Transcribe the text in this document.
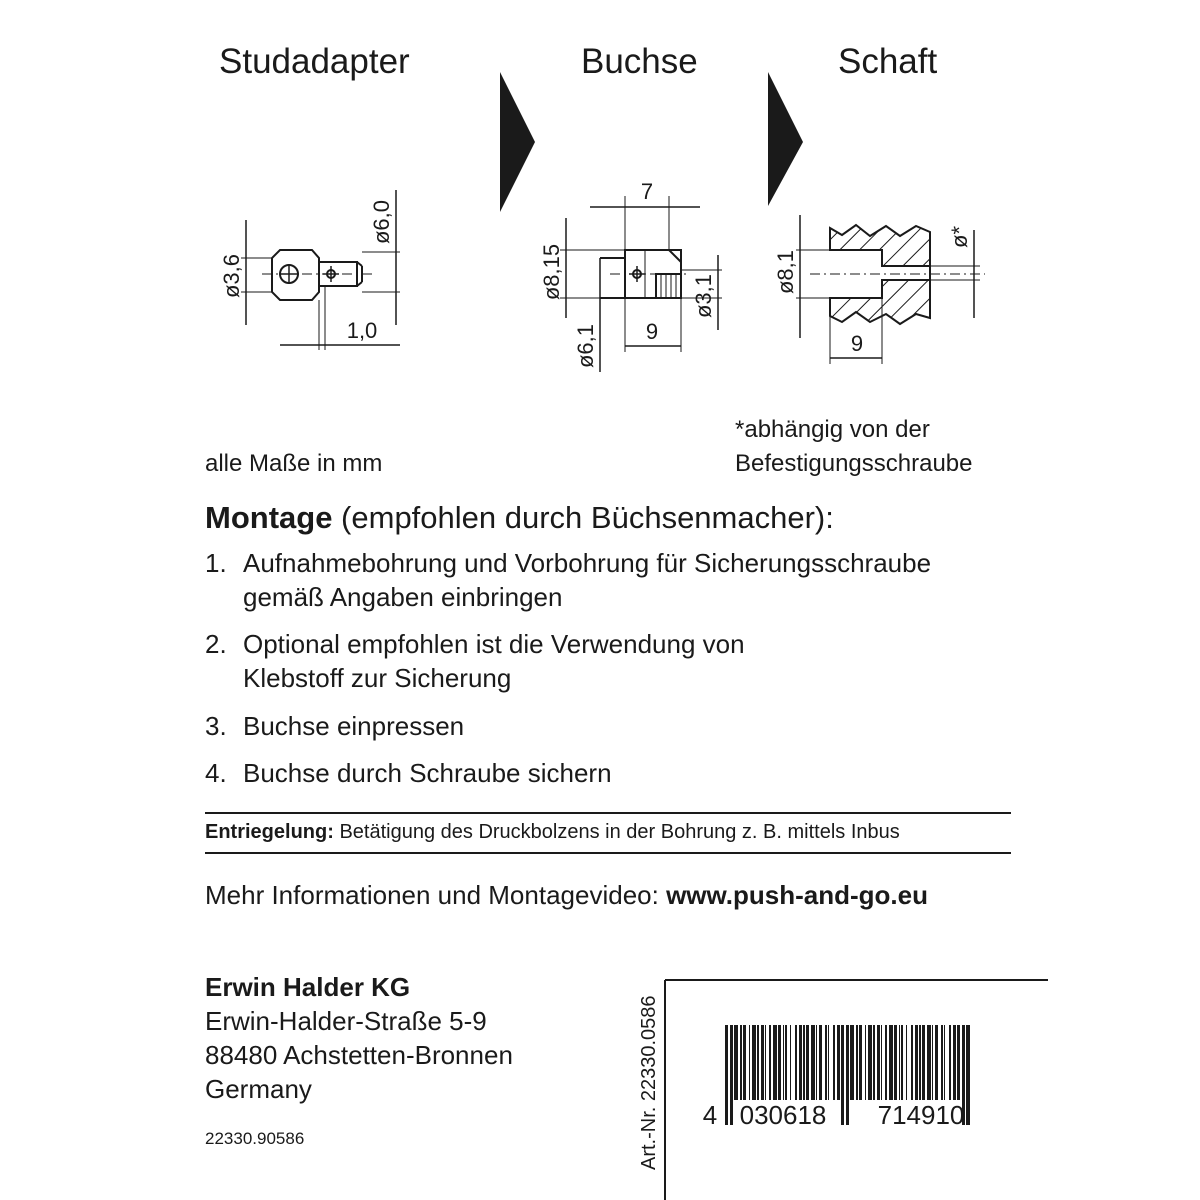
Studadapter	Buchse	Schaft
ø3,6
ø6,0
1,0
7
ø8,15	ø3,1
9
ø6,1
ø8,1
ø*
9
4 030618 714910
Art.-Nr. 22330.0586
alle Maße in mm
*abhängig von der
Befestigungsschraube
Montage (empfohlen durch Büchsenmacher):
1. Aufnahmebohrung und Vorbohrung für Sicherungsschraube
gemäß Angaben einbringen
2. Optional empfohlen ist die Verwendung von
Klebstoff zur Sicherung
3. Buchse einpressen
4. Buchse durch Schraube sichern
Entriegelung: Betätigung des Druckbolzens in der Bohrung z. B. mittels Inbus
Mehr Informationen und Montagevideo: www.push-and-go.eu
Erwin Halder KG
Erwin-Halder-Straße 5-9
88480 Achstetten-Bronnen
Germany
22330.90586
